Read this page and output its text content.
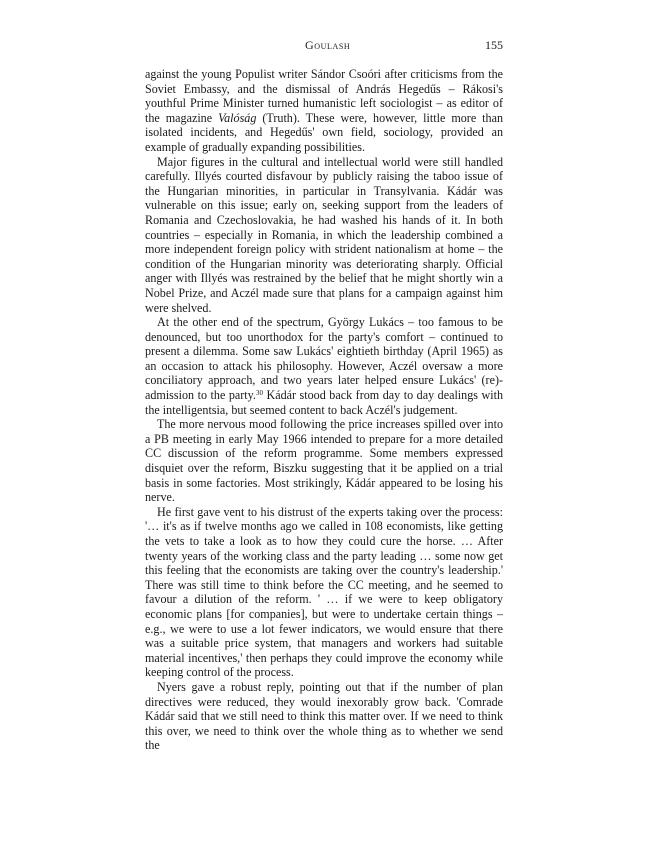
Goulash	155

against the young Populist writer Sándor Csoóri after criticisms from the Soviet Embassy, and the dismissal of András Hegedűs – Rákosi's youthful Prime Minister turned humanistic left sociologist – as editor of the magazine Valóság (Truth). These were, however, little more than isolated incidents, and Hegedűs' own field, sociology, provided an example of gradually expanding possibilities.

Major figures in the cultural and intellectual world were still handled carefully. Illyés courted disfavour by publicly raising the taboo issue of the Hungarian minorities, in particular in Transylvania. Kádár was vulnerable on this issue; early on, seeking support from the leaders of Romania and Czechoslovakia, he had washed his hands of it. In both countries – especially in Romania, in which the leadership combined a more independent foreign policy with strident nationalism at home – the condition of the Hungarian minority was deteriorating sharply. Official anger with Illyés was restrained by the belief that he might shortly win a Nobel Prize, and Aczél made sure that plans for a campaign against him were shelved.

At the other end of the spectrum, György Lukács – too famous to be denounced, but too unorthodox for the party's comfort – continued to present a dilemma. Some saw Lukács' eightieth birthday (April 1965) as an occasion to attack his philosophy. However, Aczél oversaw a more conciliatory approach, and two years later helped ensure Lukács' (re)-admission to the party.$^{30}$ Kádár stood back from day to day dealings with the intelligentsia, but seemed content to back Aczél's judgement.

The more nervous mood following the price increases spilled over into a PB meeting in early May 1966 intended to prepare for a more detailed CC discussion of the reform programme. Some members expressed disquiet over the reform, Biszku suggesting that it be applied on a trial basis in some factories. Most strikingly, Kádár appeared to be losing his nerve.

He first gave vent to his distrust of the experts taking over the process: '… it's as if twelve months ago we called in 108 economists, like getting the vets to take a look as to how they could cure the horse. … After twenty years of the working class and the party leading … some now get this feeling that the economists are taking over the country's leadership.' There was still time to think before the CC meeting, and he seemed to favour a dilution of the reform. ' … if we were to keep obligatory economic plans [for companies], but were to undertake certain things – e.g., we were to use a lot fewer indicators, we would ensure that there was a suitable price system, that managers and workers had suitable material incentives,' then perhaps they could improve the economy while keeping control of the process.

Nyers gave a robust reply, pointing out that if the number of plan directives were reduced, they would inexorably grow back. 'Comrade Kádár said that we still need to think this matter over. If we need to think this over, we need to think over the whole thing as to whether we send the
